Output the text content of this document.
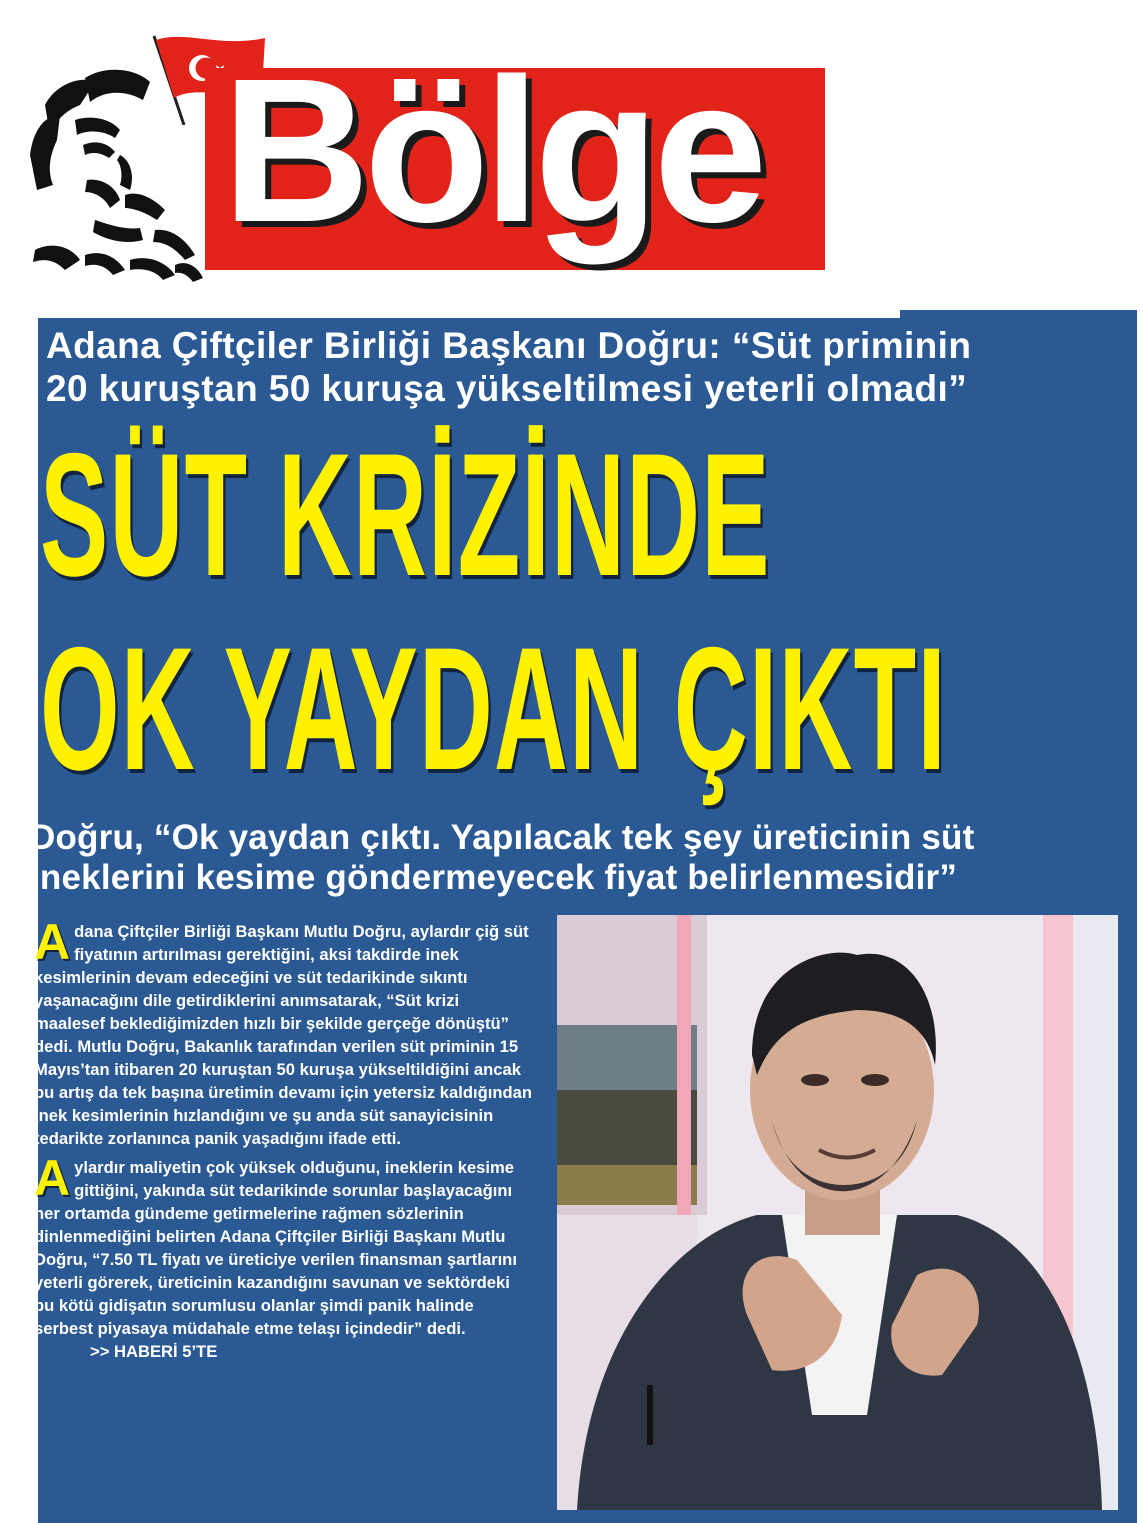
Bölge
Adana Çiftçiler Birliği Başkanı Doğru: “Süt priminin
20 kuruştan 50 kuruşa yükseltilmesi yeterli olmadı”
SÜT KRİZİNDE
OK YAYDAN ÇIKTI
Doğru, “Ok yaydan çıktı. Yapılacak tek şey üreticinin süt
ineklerini kesime göndermeyecek fiyat belirlenmesidir”

Adana Çiftçiler Birliği Başkanı Mutlu Doğru, aylardır çiğ süt fiyatının artırılması gerektiğini, aksi takdirde inek kesimlerinin devam edeceğini ve süt tedarikinde sıkıntı yaşanacağını dile getirdiklerini anımsatarak, “Süt krizi maalesef beklediğimizden hızlı bir şekilde gerçeğe dönüştü” dedi. Mutlu Doğru, Bakanlık tarafından verilen süt priminin 15 Mayıs’tan itibaren 20 kuruştan 50 kuruşa yükseltildiğini ancak bu artış da tek başına üretimin devamı için yetersiz kaldığından inek kesimlerinin hızlandığını ve şu anda süt sanayicisinin tedarikte zorlanınca panik yaşadığını ifade etti.

Aylardır maliyetin çok yüksek olduğunu, ineklerin kesime gittiğini, yakında süt tedarikinde sorunlar başlayacağını her ortamda gündeme getirmelerine rağmen sözlerinin dinlenmediğini belirten Adana Çiftçiler Birliği Başkanı Mutlu Doğru, “7.50 TL fiyatı ve üreticiye verilen finansman şartlarını yeterli görerek, üreticinin kazandığını savunan ve sektördeki bu kötü gidişatın sorumlusu olanlar şimdi panik halinde serbest piyasaya müdahale etme telaşı içindedir” dedi.>> HABERİ 5’TE
